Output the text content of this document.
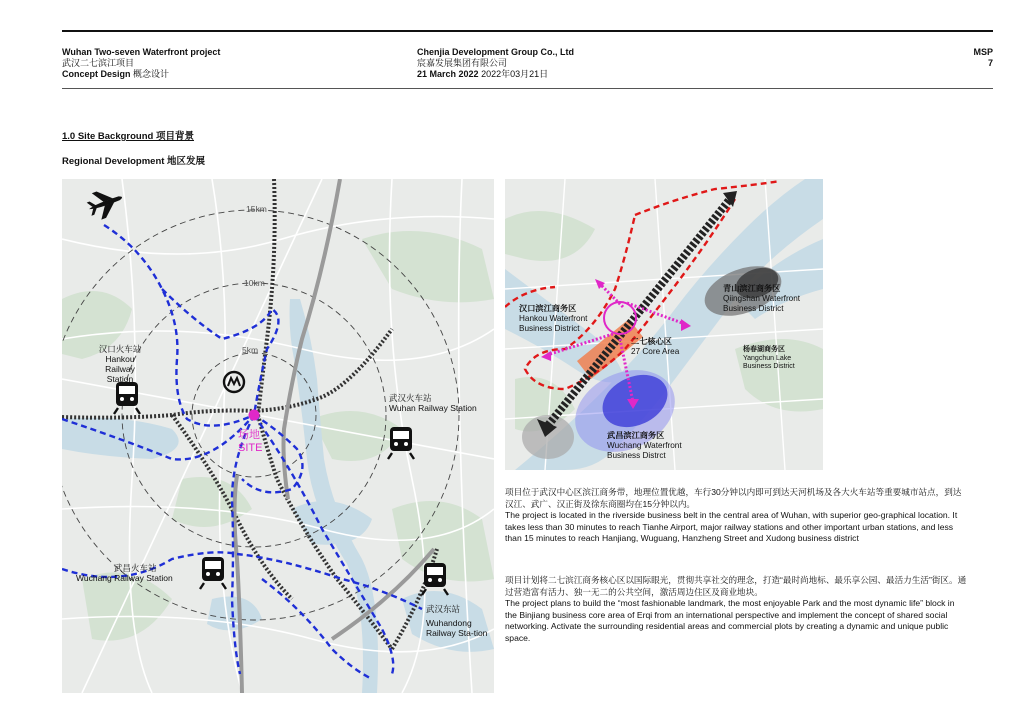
Wuhan Two-seven Waterfront project
武汉二七滨江项目
Concept Design 概念设计
Chenjia Development Group Co., Ltd
宸嘉发展集团有限公司
21 March 2022 2022年03月21日
MSP
7
1.0 Site Background 项目背景
Regional Development 地区发展
15km
10km
5km
汉口火车站
Hankou Railway Station
武汉火车站
Wuhan Railway Station
武昌火车站
Wuchang Railway Station
武汉东站
Wuhandong Railway Sta-tion
场地
SITE
汉口滨江商务区
Hankou Waterfront Business District
青山滨江商务区
Qiingshan Waterfront Business District
二七核心区
27 Core Area	杨春湖商务区
Yangchun Lake Business District
武昌滨江商务区
Wuchang Waterfront Business Distrct
项目位于武汉中心区滨江商务带，地理位置优越，车行30分钟以内即可到达天河机场及各大火车站等重要城市站点，到达汉江、武广、汉正街及徐东商圈均在15分钟以内。
The project is located in the riverside business belt in the central area of Wuhan, with superior geo-graphical location. It takes less than 30 minutes to reach Tianhe Airport, major railway stations and other important urban stations, and less than 15 minutes to reach Hanjiang, Wuguang, Hanzheng Street and Xudong business district
项目计划将二七滨江商务核心区以国际眼光，贯彻共享社交的理念，打造“最时尚地标、最乐享公园、最活力生活”街区。通过营造富有活力、独一无二的公共空间，激活周边住区及商业地块。
The project plans to build the “most fashionable landmark, the most enjoyable Park and the most dynamic life” block in the Binjiang business core area of Erqi from an international perspective and implement the concept of shared social networking. Activate the surrounding residential areas and commercial plots by creating a dynamic and unique public space.
